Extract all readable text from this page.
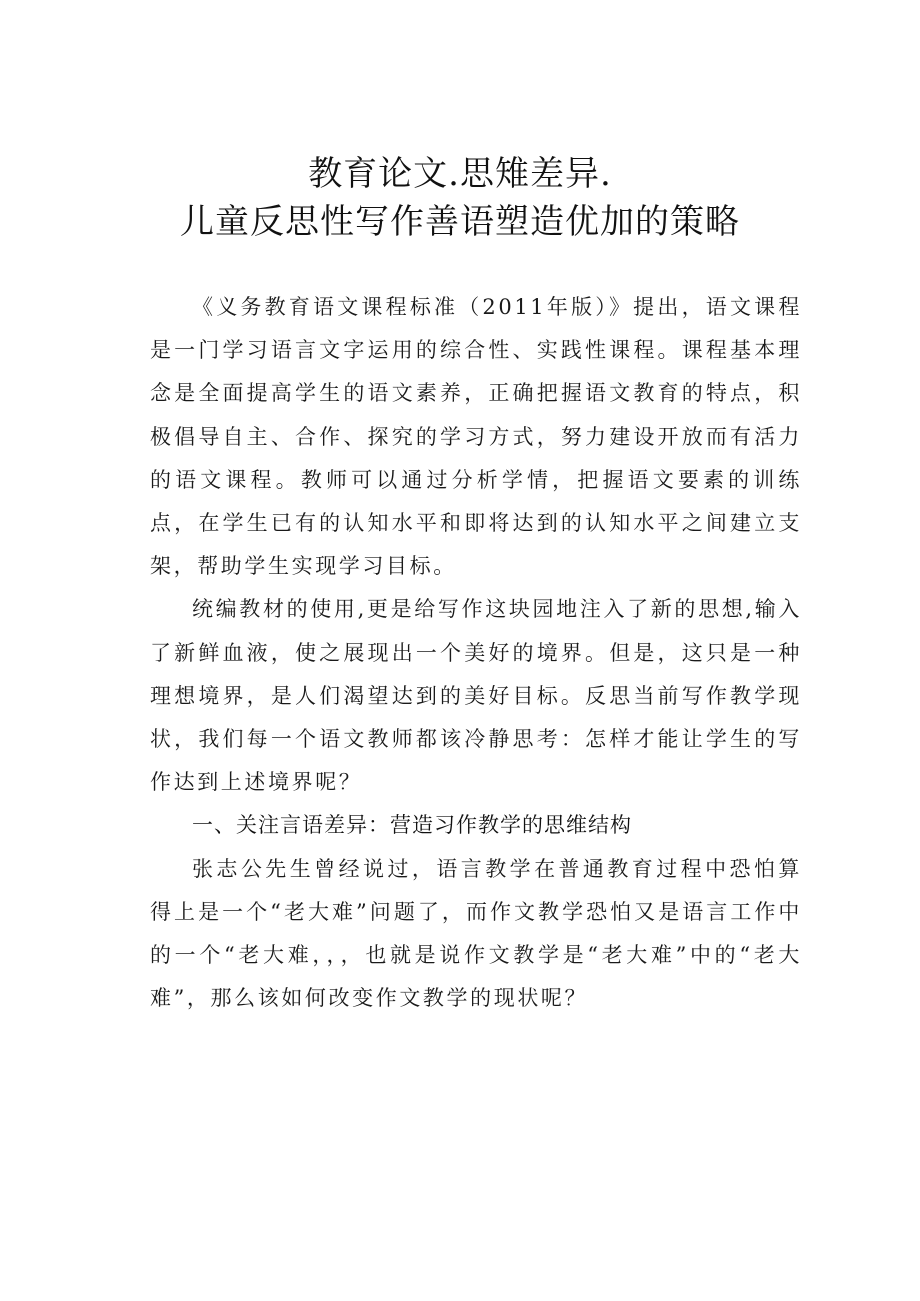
教育论文.思雉差异.
儿童反思性写作善语塑造优加的策略

《义务教育语文课程标准（2011年版）》提出，语文课程是一门学习语言文字运用的综合性、实践性课程。课程基本理念是全面提高学生的语文素养，正确把握语文教育的特点，积极倡导自主、合作、探究的学习方式，努力建设开放而有活力的语文课程。教师可以通过分析学情，把握语文要素的训练点，在学生已有的认知水平和即将达到的认知水平之间建立支架，帮助学生实现学习目标。

统编教材的使用,更是给写作这块园地注入了新的思想,输入了新鲜血液，使之展现出一个美好的境界。但是，这只是一种理想境界，是人们渴望达到的美好目标。反思当前写作教学现状，我们每一个语文教师都该冷静思考：怎样才能让学生的写作达到上述境界呢？

一、关注言语差异：营造习作教学的思维结构

张志公先生曾经说过，语言教学在普通教育过程中恐怕算得上是一个“老大难”问题了，而作文教学恐怕又是语言工作中的一个“老大难，，，也就是说作文教学是“老大难”中的“老大难”，那么该如何改变作文教学的现状呢？
